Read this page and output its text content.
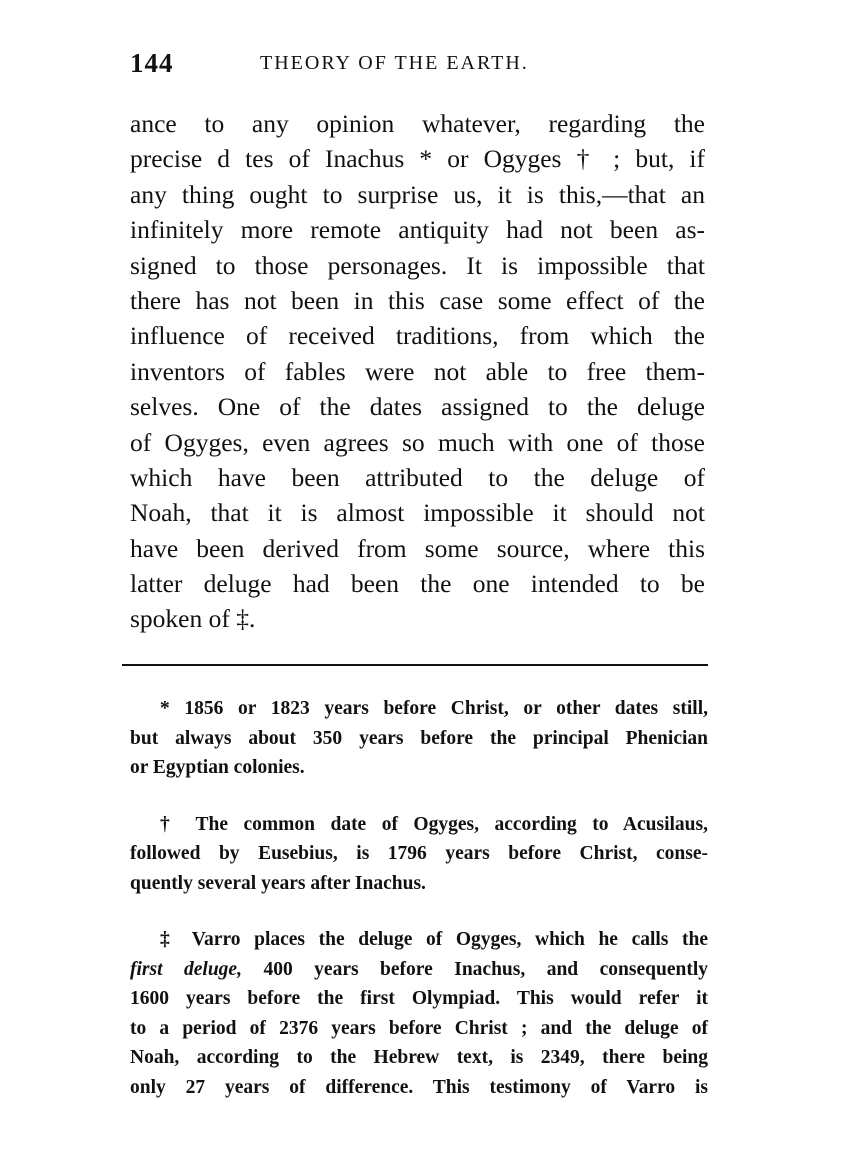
144	THEORY OF THE EARTH.
ance to any opinion whatever, regarding the
precise d tes of Inachus * or Ogyges † ; but, if
any thing ought to surprise us, it is this,—that an
infinitely more remote antiquity had not been as-
signed to those personages. It is impossible that
there has not been in this case some effect of the
influence of received traditions, from which the
inventors of fables were not able to free them-
selves. One of the dates assigned to the deluge
of Ogyges, even agrees so much with one of those
which have been attributed to the deluge of
Noah, that it is almost impossible it should not
have been derived from some source, where this
latter deluge had been the one intended to be
spoken of ‡.
* 1856 or 1823 years before Christ, or other dates still,
but always about 350 years before the principal Phenician
or Egyptian colonies.
† The common date of Ogyges, according to Acusilaus,
followed by Eusebius, is 1796 years before Christ, conse-
quently several years after Inachus.
‡ Varro places the deluge of Ogyges, which he calls the
first deluge, 400 years before Inachus, and consequently
1600 years before the first Olympiad. This would refer it
to a period of 2376 years before Christ ; and the deluge of
Noah, according to the Hebrew text, is 2349, there being
only 27 years of difference. This testimony of Varro is
